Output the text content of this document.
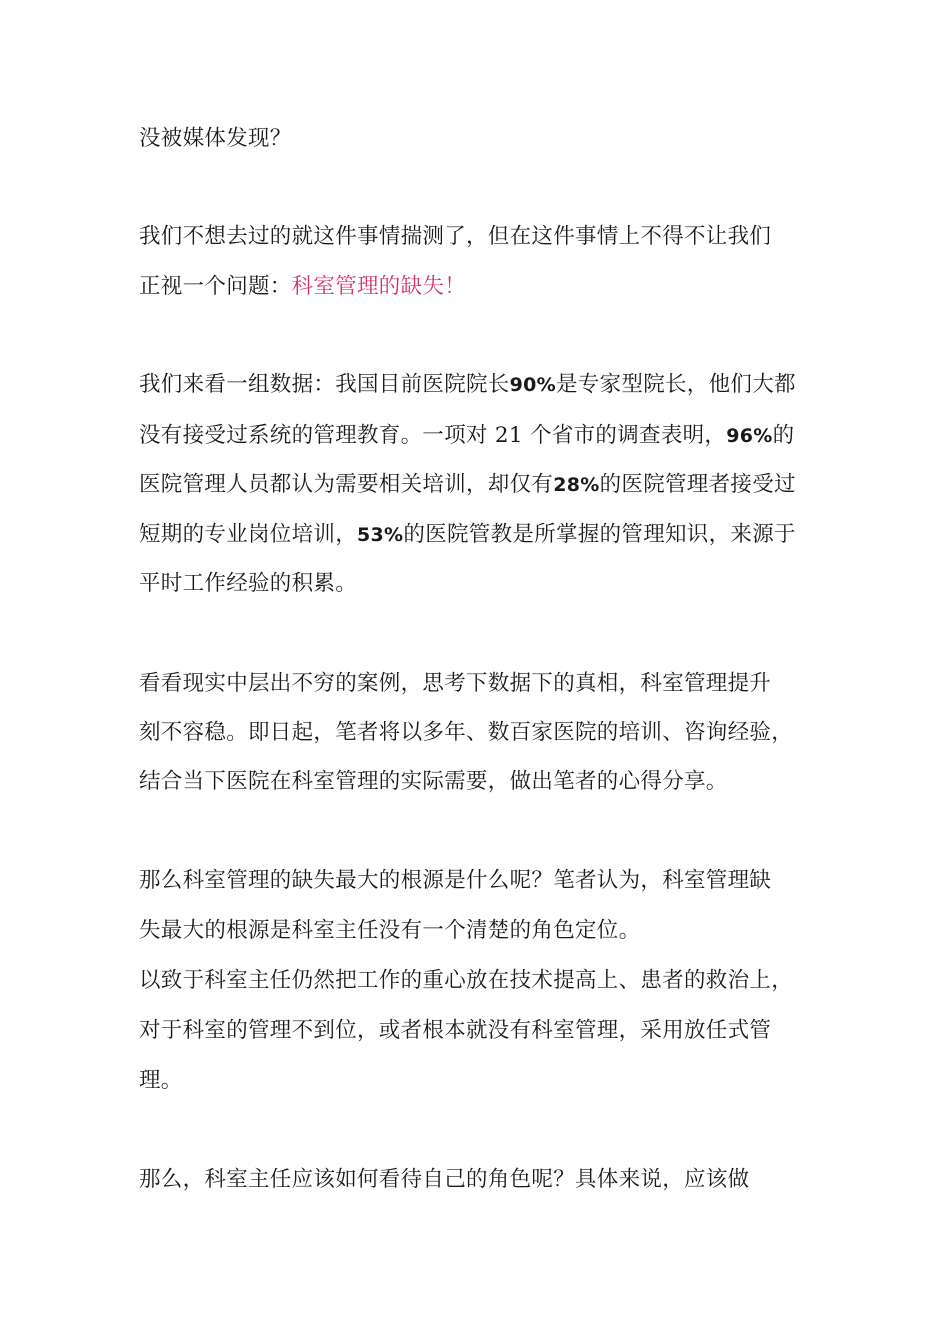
没被媒体发现？
我们不想去过的就这件事情揣测了，但在这件事情上不得不让我们
正视一个问题：科室管理的缺失！
我们来看一组数据：我国目前医院院长90%是专家型院长，他们大都
没有接受过系统的管理教育。一项对 21 个省市的调查表明，96%的
医院管理人员都认为需要相关培训，却仅有28%的医院管理者接受过
短期的专业岗位培训，53%的医院管教是所掌握的管理知识，来源于
平时工作经验的积累。
看看现实中层出不穷的案例，思考下数据下的真相，科室管理提升
刻不容稳。即日起，笔者将以多年、数百家医院的培训、咨询经验，
结合当下医院在科室管理的实际需要，做出笔者的心得分享。
那么科室管理的缺失最大的根源是什么呢？笔者认为，科室管理缺
失最大的根源是科室主任没有一个清楚的角色定位。
以致于科室主任仍然把工作的重心放在技术提高上、患者的救治上，
对于科室的管理不到位，或者根本就没有科室管理，采用放任式管
理。
那么，科室主任应该如何看待自己的角色呢？具体来说，应该做
